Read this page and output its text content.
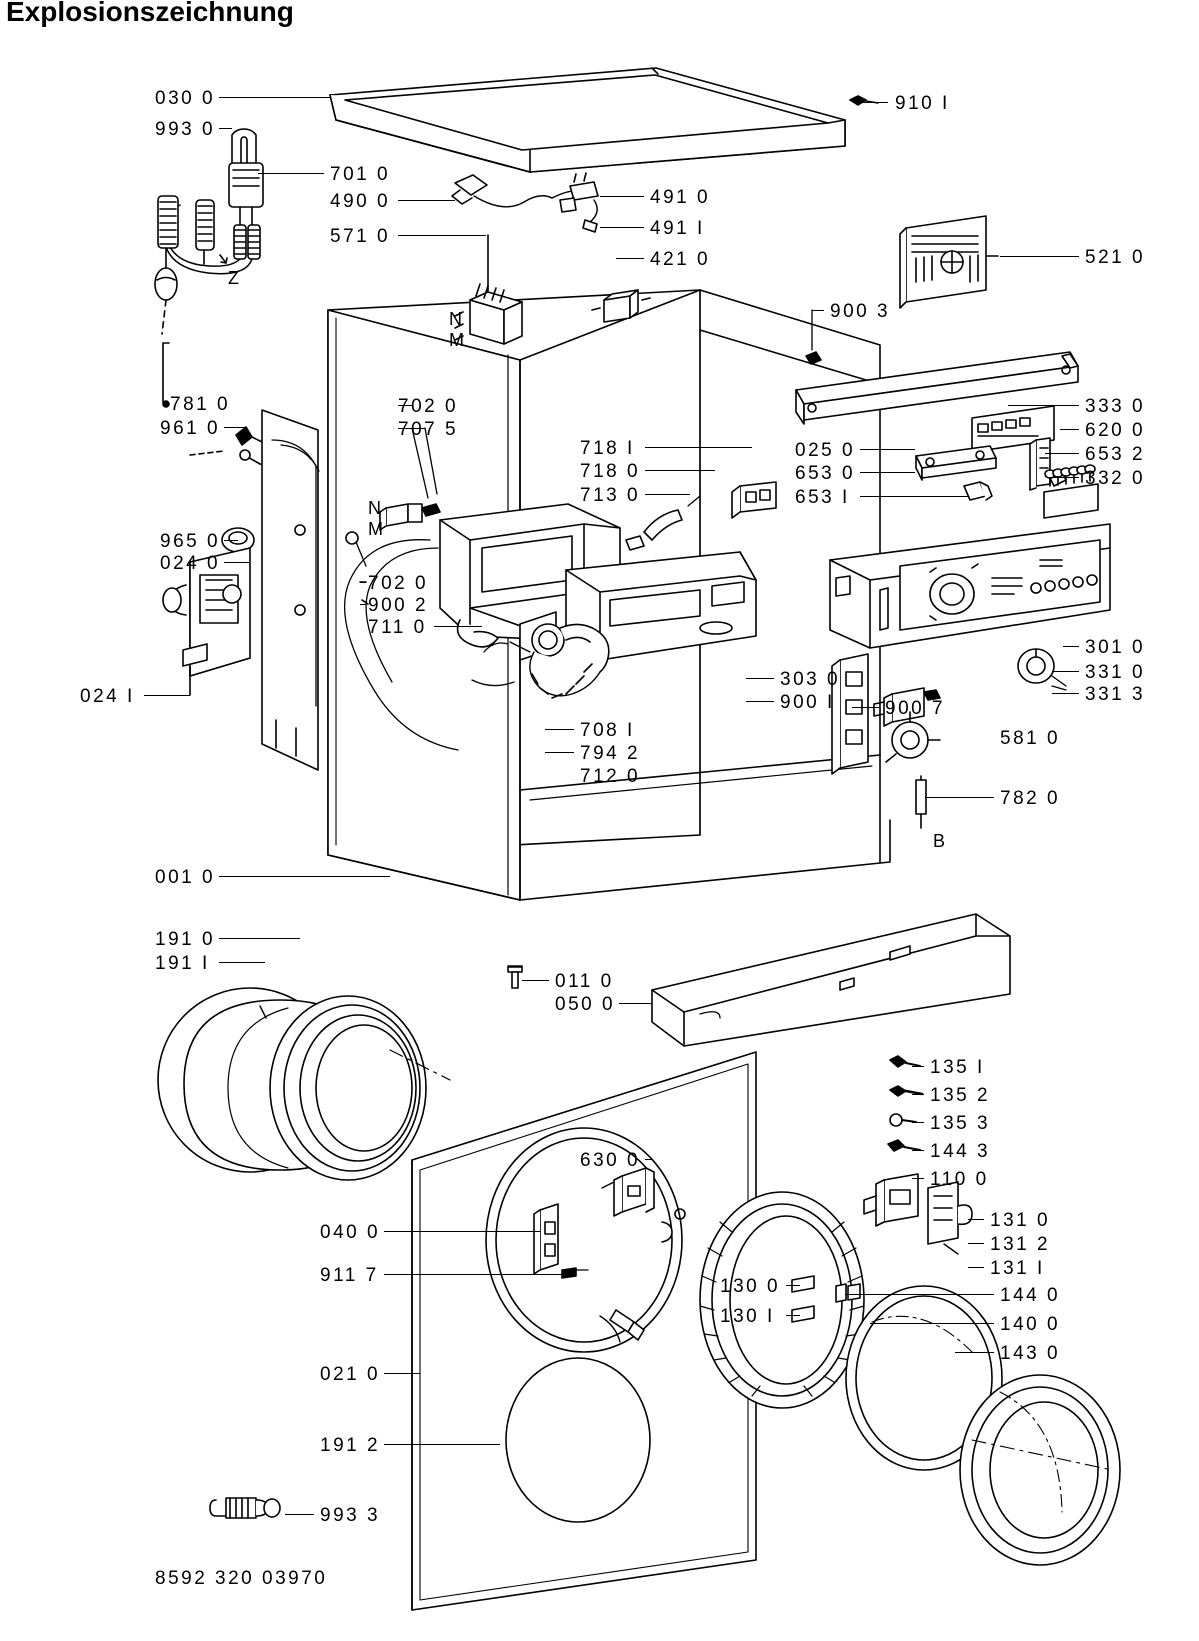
Explosionszeichnung
030 0
993 0
910 I
701 0
490 0	491 0
491 I
571 0
421 0	521 0
900 3
781 0
961 0
702 0
707 5
333 0
620 0
718 I	025 0	653 2
718 0	653 0	332 0
713 0	653 I
965 0
024 0
702 0
900 2
711 0
301 0
331 0
331 3
303 0
900 I	900 7
581 0
708 I
794 2
712 0
782 0
024 I
001 0
191 0
191 I
011 0
050 0
135 I
135 2
135 3
144 3
110 0
630 0
131 0
131 2
131 I
040 0
911 7
130 0
130 I
144 0
140 0
143 0
021 0
191 2
993 3
N
M
Z
N
M
B
8592 320 03970
